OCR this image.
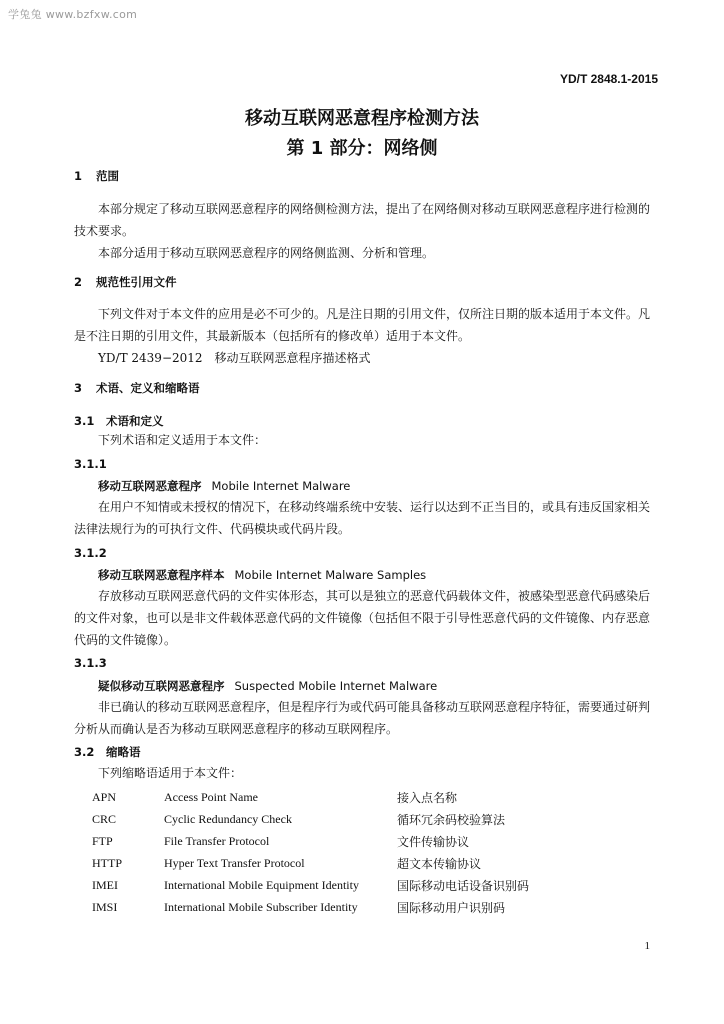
学兔兔 www.bzfxw.com
YD/T 2848.1-2015
移动互联网恶意程序检测方法
第 1 部分：网络侧
1 范围
本部分规定了移动互联网恶意程序的网络侧检测方法，提出了在网络侧对移动互联网恶意程序进行检测的技术要求。
本部分适用于移动互联网恶意程序的网络侧监测、分析和管理。
2 规范性引用文件
下列文件对于本文件的应用是必不可少的。凡是注日期的引用文件，仅所注日期的版本适用于本文件。凡是不注日期的引用文件，其最新版本（包括所有的修改单）适用于本文件。
YD/T 2439−2012　移动互联网恶意程序描述格式
3 术语、定义和缩略语
3.1 术语和定义
下列术语和定义适用于本文件：
3.1.1
移动互联网恶意程序 Mobile Internet Malware
在用户不知情或未授权的情况下，在移动终端系统中安装、运行以达到不正当目的，或具有违反国家相关法律法规行为的可执行文件、代码模块或代码片段。
3.1.2
移动互联网恶意程序样本 Mobile Internet Malware Samples
存放移动互联网恶意代码的文件实体形态，其可以是独立的恶意代码载体文件，被感染型恶意代码感染后的文件对象，也可以是非文件载体恶意代码的文件镜像（包括但不限于引导性恶意代码的文件镜像、内存恶意代码的文件镜像）。
3.1.3
疑似移动互联网恶意程序 Suspected Mobile Internet Malware
非已确认的移动互联网恶意程序，但是程序行为或代码可能具备移动互联网恶意程序特征，需要通过研判分析从而确认是否为移动互联网恶意程序的移动互联网程序。
3.2 缩略语
下列缩略语适用于本文件：
APN	Access Point Name	接入点名称
CRC	Cyclic Redundancy Check	循环冗余码校验算法
FTP	File Transfer Protocol	文件传输协议
HTTP	Hyper Text Transfer Protocol	超文本传输协议
IMEI	International Mobile Equipment Identity	国际移动电话设备识别码
IMSI	International Mobile Subscriber Identity	国际移动用户识别码
1
